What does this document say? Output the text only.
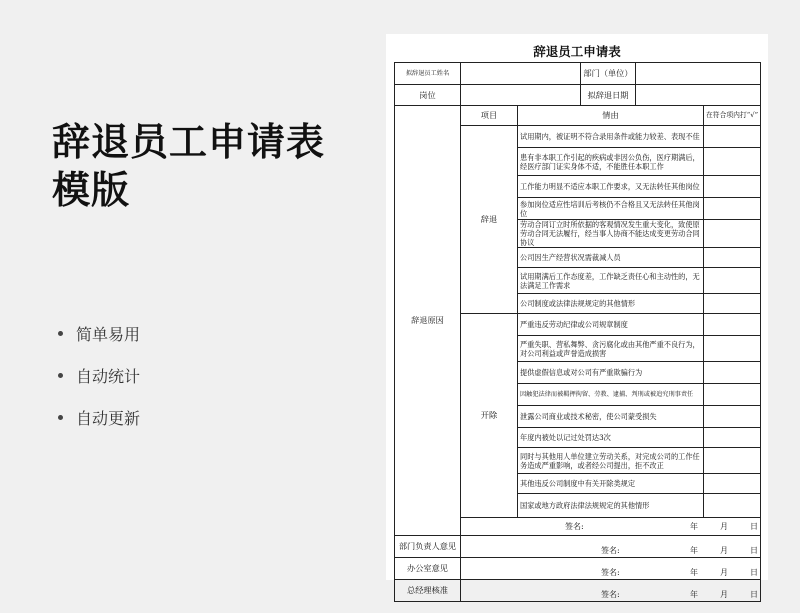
辞退员工申请表
模版
简单易用
自动统计
自动更新
辞退员工申请表
拟辞退员工姓名			部门（单位）		
岗位			拟辞退日期		
辞退原因	项目	情由			在符合项内打“√”
	辞退	试用期内，被证明不符合录用条件或能力较差、表现不佳			
		患有非本职工作引起的疾病或非因公负伤，医疗期满后，经医疗部门证实身体不适，不能胜任本职工作			
		工作能力明显不适应本职工作要求，又无法转任其他岗位			
		参加岗位适应性培训后考核仍不合格且又无法转任其他岗位			
		劳动合同订立时所依据的客观情况发生重大变化，致使原劳动合同无法履行，经当事人协商不能达成变更劳动合同协议			
		公司因生产经营状况需裁减人员			
		试用期满后工作态度差，工作缺乏责任心和主动性的，无法满足工作需求			
		公司制度或法律法规规定的其他情形			
	开除	严重违反劳动纪律或公司规章制度			
		严重失职、营私舞弊、贪污腐化或由其他严重不良行为，对公司利益或声誉造成损害			
		提供虚假信息或对公司有严重欺骗行为			
		因触犯法律而被羁押拘留、劳教、逮捕、判刑或被追究刑事责任			
		泄露公司商业或技术秘密，使公司蒙受损失			
		年度内被处以记过处罚达3次			
		同时与其他用人单位建立劳动关系，对完成公司的工作任务造成严重影响，或者经公司提出，拒不改正			
		其他违反公司制度中有关开除类规定			
		国家或地方政府法律法规规定的其他情形			

	签名: 年 月 日				

部门负责人意见	签名: 年 月 日				

办公室意见	签名: 年 月 日				

总经理核准	签名: 年 月 日				
